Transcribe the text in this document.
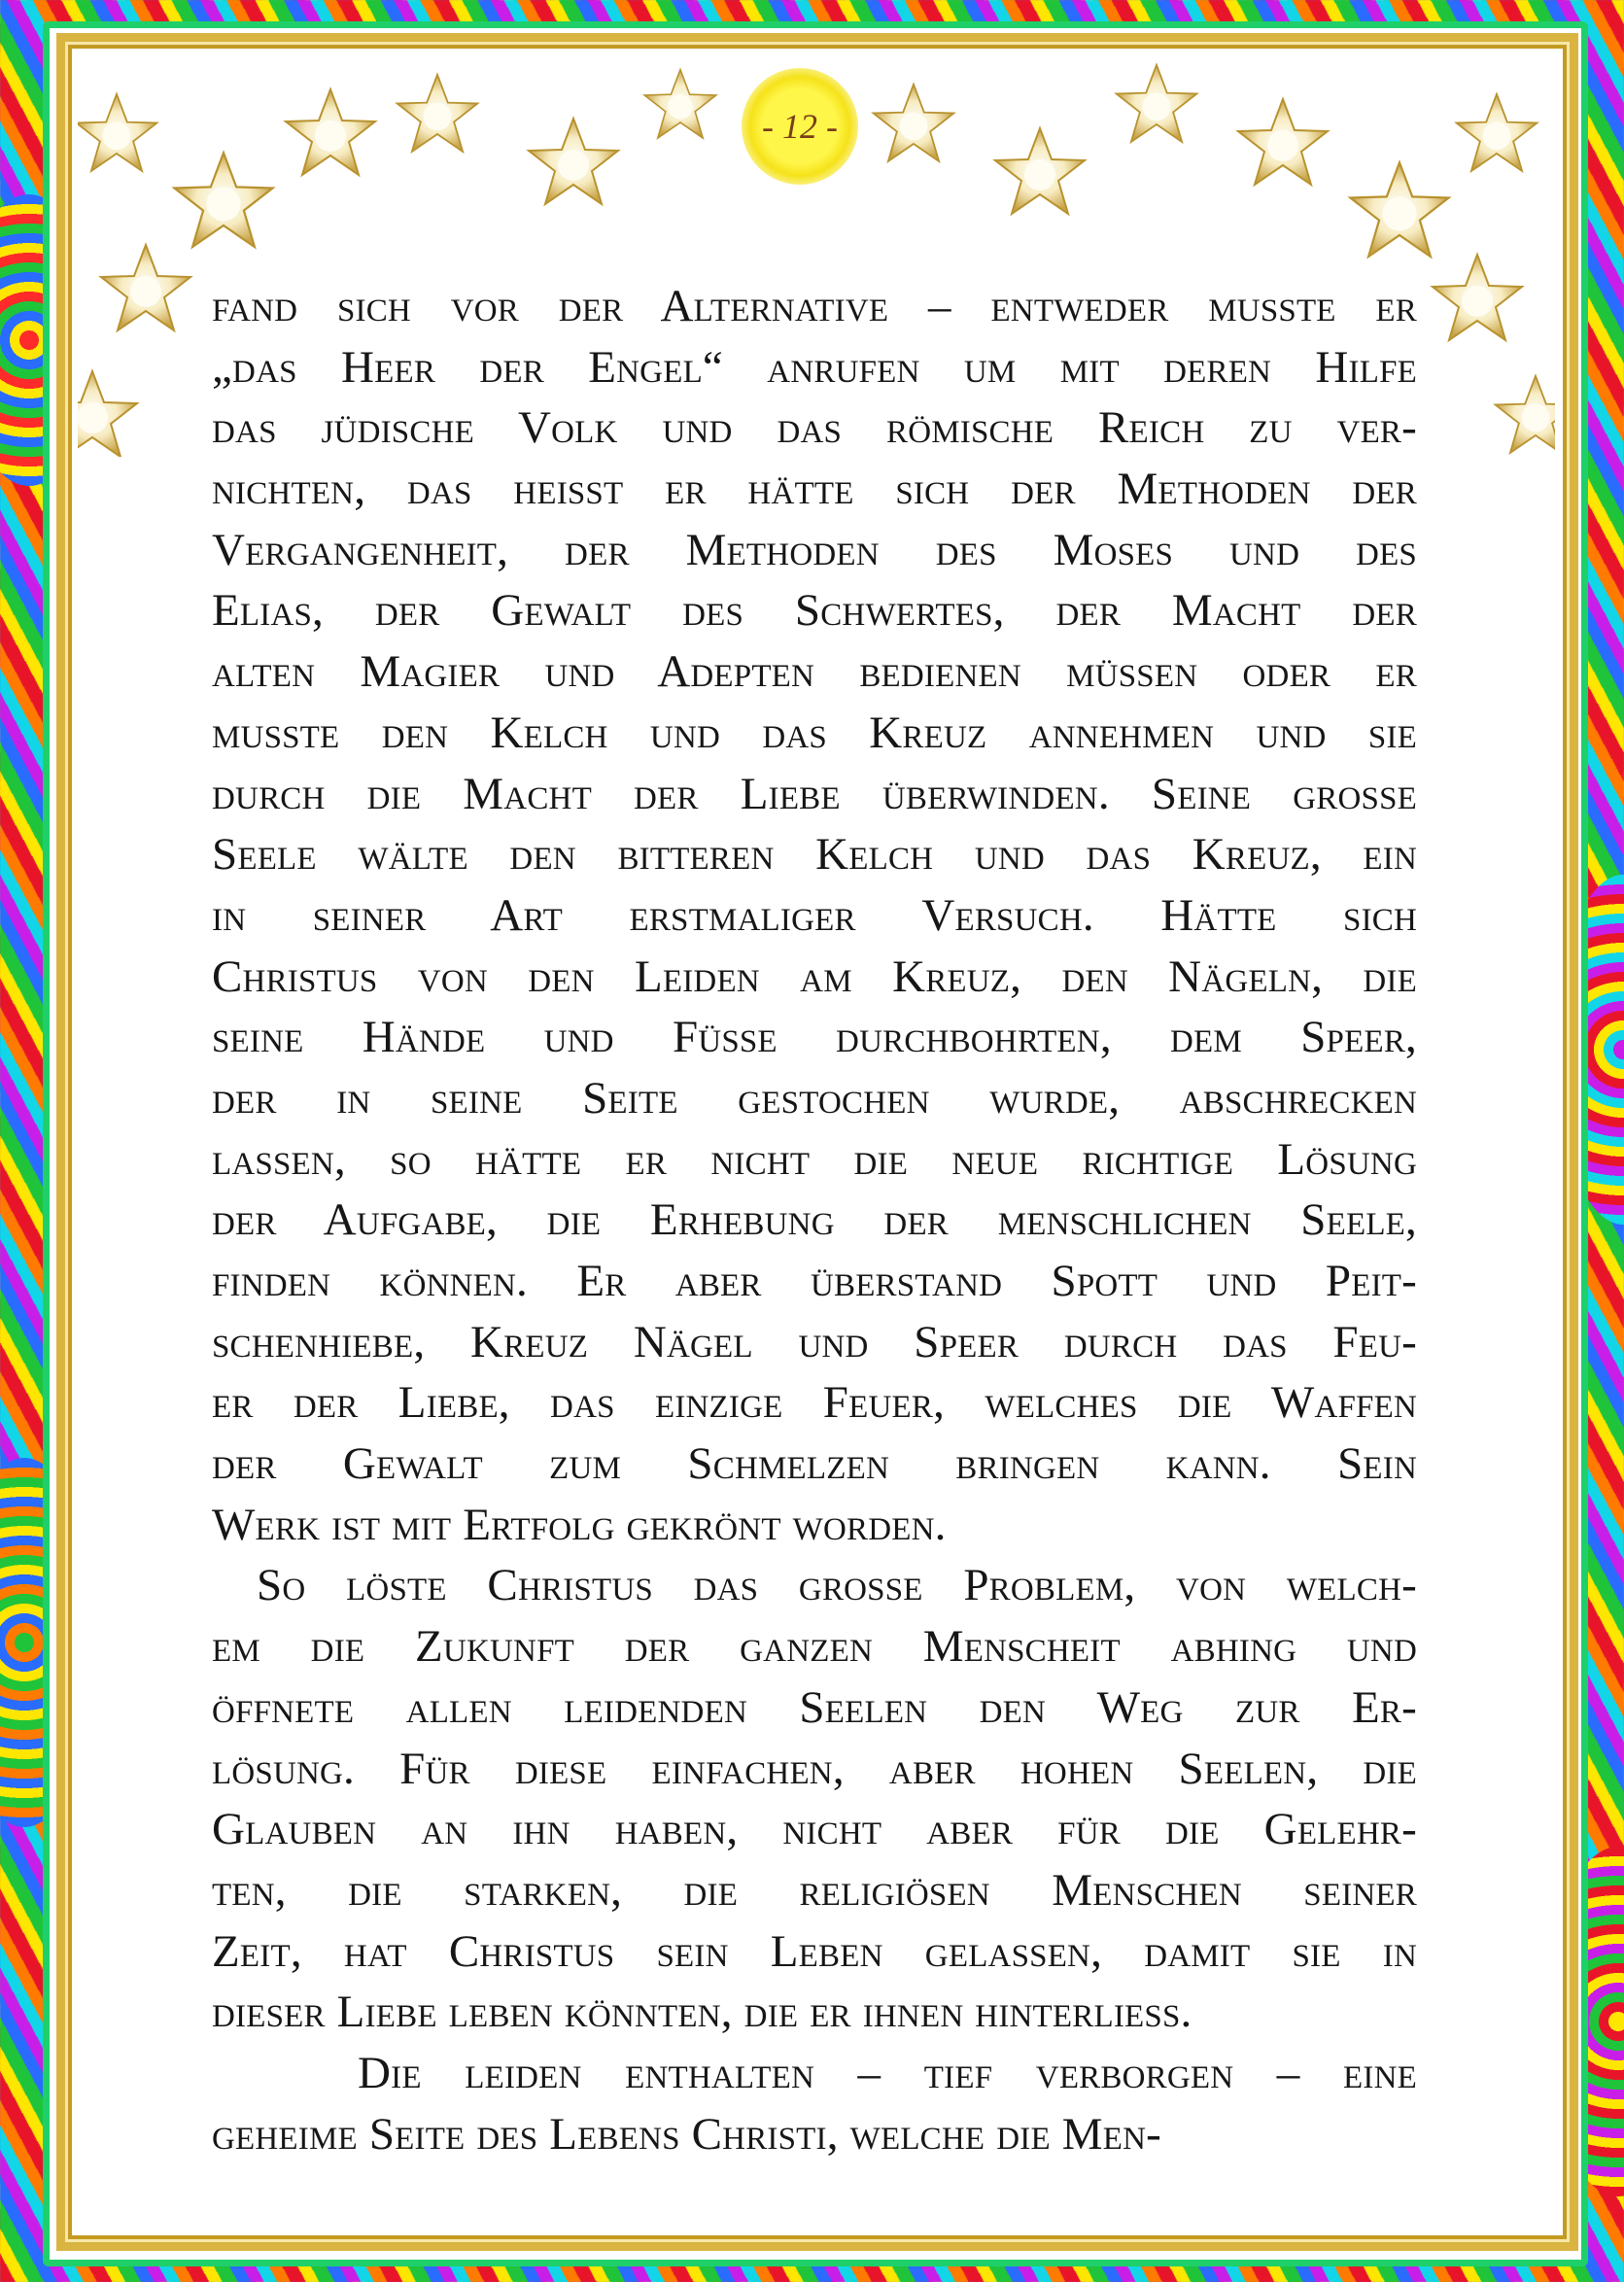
- 12 -
fand sich vor der Alternative – entweder musste er
„das Heer der Engel“ anrufen um mit deren Hilfe
das jüdische Volk und das römische Reich zu ver-
nichten, das heisst er hätte sich der Methoden der
Vergangenheit, der Methoden des Moses und des
Elias, der Gewalt des Schwertes, der Macht der
alten Magier und Adepten bedienen müssen oder er
musste den Kelch und das Kreuz annehmen und sie
durch die Macht der Liebe überwinden. Seine grosse
Seele wälte den bitteren Kelch und das Kreuz, ein
in seiner Art erstmaliger Versuch. Hätte sich
Christus von den Leiden am Kreuz, den Nägeln, die
seine Hände und Füsse durchbohrten, dem Speer,
der in seine Seite gestochen wurde, abschrecken
lassen, so hätte er nicht die neue richtige Lösung
der Aufgabe, die Erhebung der menschlichen Seele,
finden können. Er aber überstand Spott und Peit-
schenhiebe, Kreuz Nägel und Speer durch das Feu-
er der Liebe, das einzige Feuer, welches die Waffen
der Gewalt zum Schmelzen bringen kann. Sein
Werk ist mit Ertfolg gekrönt worden.
So löste Christus das grosse Problem, von welch-
em die Zukunft der ganzen Menscheit abhing und
öffnete allen leidenden Seelen den Weg zur Er-
lösung. Für diese einfachen, aber hohen Seelen, die
Glauben an ihn haben, nicht aber für die Gelehr-
ten, die starken, die religiösen Menschen seiner
Zeit, hat Christus sein Leben gelassen, damit sie in
dieser Liebe leben könnten, die er ihnen hinterliess.
Die leiden enthalten – tief verborgen – eine
geheime Seite des Lebens Christi, welche die Men-
